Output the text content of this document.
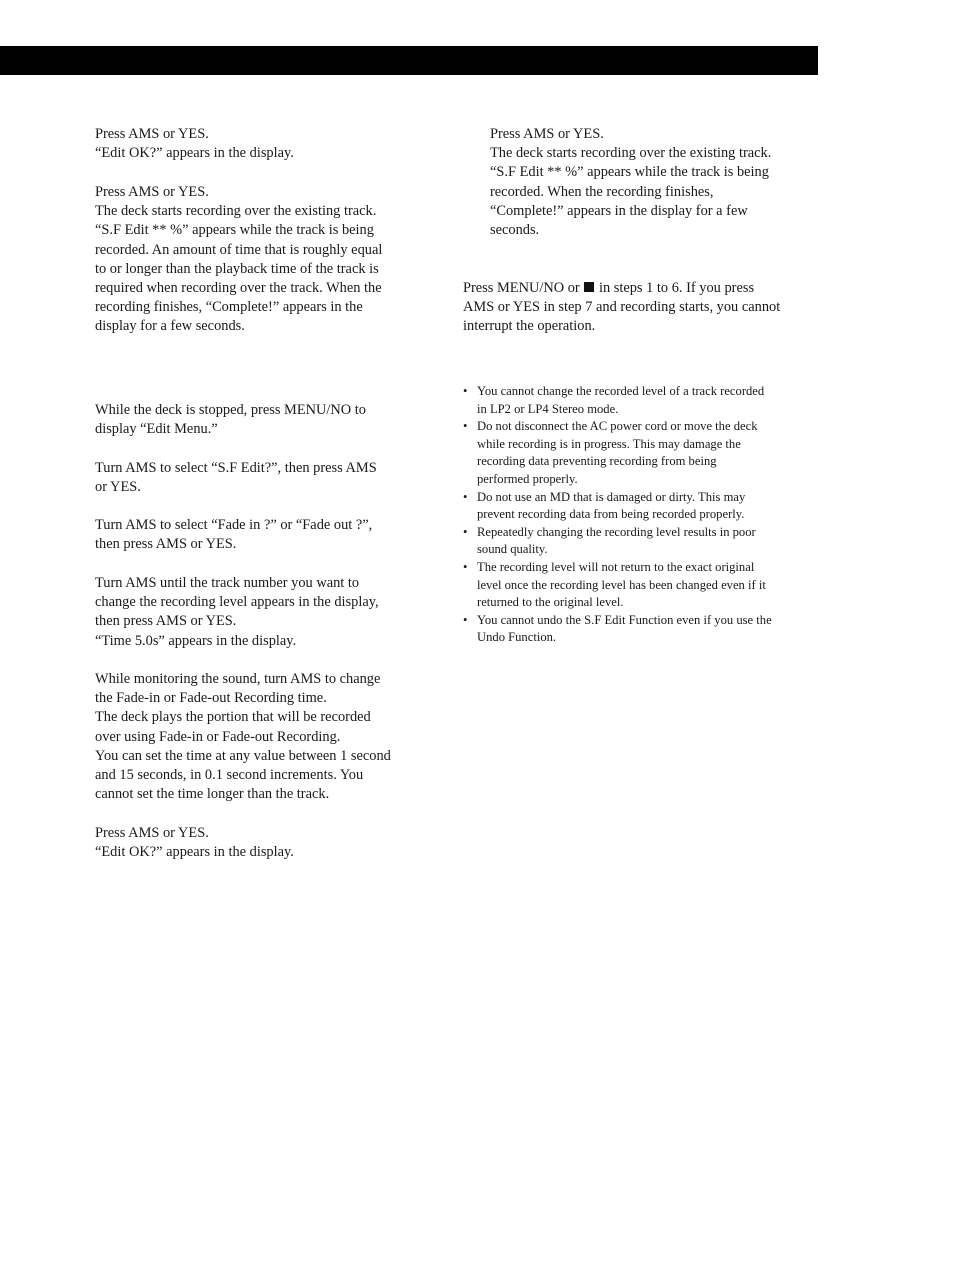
Press AMS or YES.
“Edit OK?” appears in the display.

Press AMS or YES.
The deck starts recording over the existing track.
“S.F Edit ** %” appears while the track is being
recorded. An amount of time that is roughly equal
to or longer than the playback time of the track is
required when recording over the track. When the
recording finishes, “Complete!” appears in the
display for a few seconds.

While the deck is stopped, press MENU/NO to
display “Edit Menu.”

Turn AMS to select “S.F Edit?”, then press AMS
or YES.

Turn AMS to select “Fade in ?” or “Fade out ?”,
then press AMS or YES.

Turn AMS until the track number you want to
change the recording level appears in the display,
then press AMS or YES.
“Time 5.0s” appears in the display.

While monitoring the sound, turn AMS to change
the Fade-in or Fade-out Recording time.
The deck plays the portion that will be recorded
over using Fade-in or Fade-out Recording.
You can set the time at any value between 1 second
and 15 seconds, in 0.1 second increments. You
cannot set the time longer than the track.

Press AMS or YES.
“Edit OK?” appears in the display.

Press AMS or YES.
The deck starts recording over the existing track.
“S.F Edit ** %” appears while the track is being
recorded. When the recording finishes,
“Complete!” appears in the display for a few
seconds.

Press MENU/NO or in steps 1 to 6. If you press
AMS or YES in step 7 and recording starts, you cannot
interrupt the operation.

• You cannot change the recorded level of a track recorded
in LP2 or LP4 Stereo mode.
• Do not disconnect the AC power cord or move the deck
while recording is in progress. This may damage the
recording data preventing recording from being
performed properly.
• Do not use an MD that is damaged or dirty. This may
prevent recording data from being recorded properly.
• Repeatedly changing the recording level results in poor
sound quality.
• The recording level will not return to the exact original
level once the recording level has been changed even if it
returned to the original level.
• You cannot undo the S.F Edit Function even if you use the
Undo Function.
